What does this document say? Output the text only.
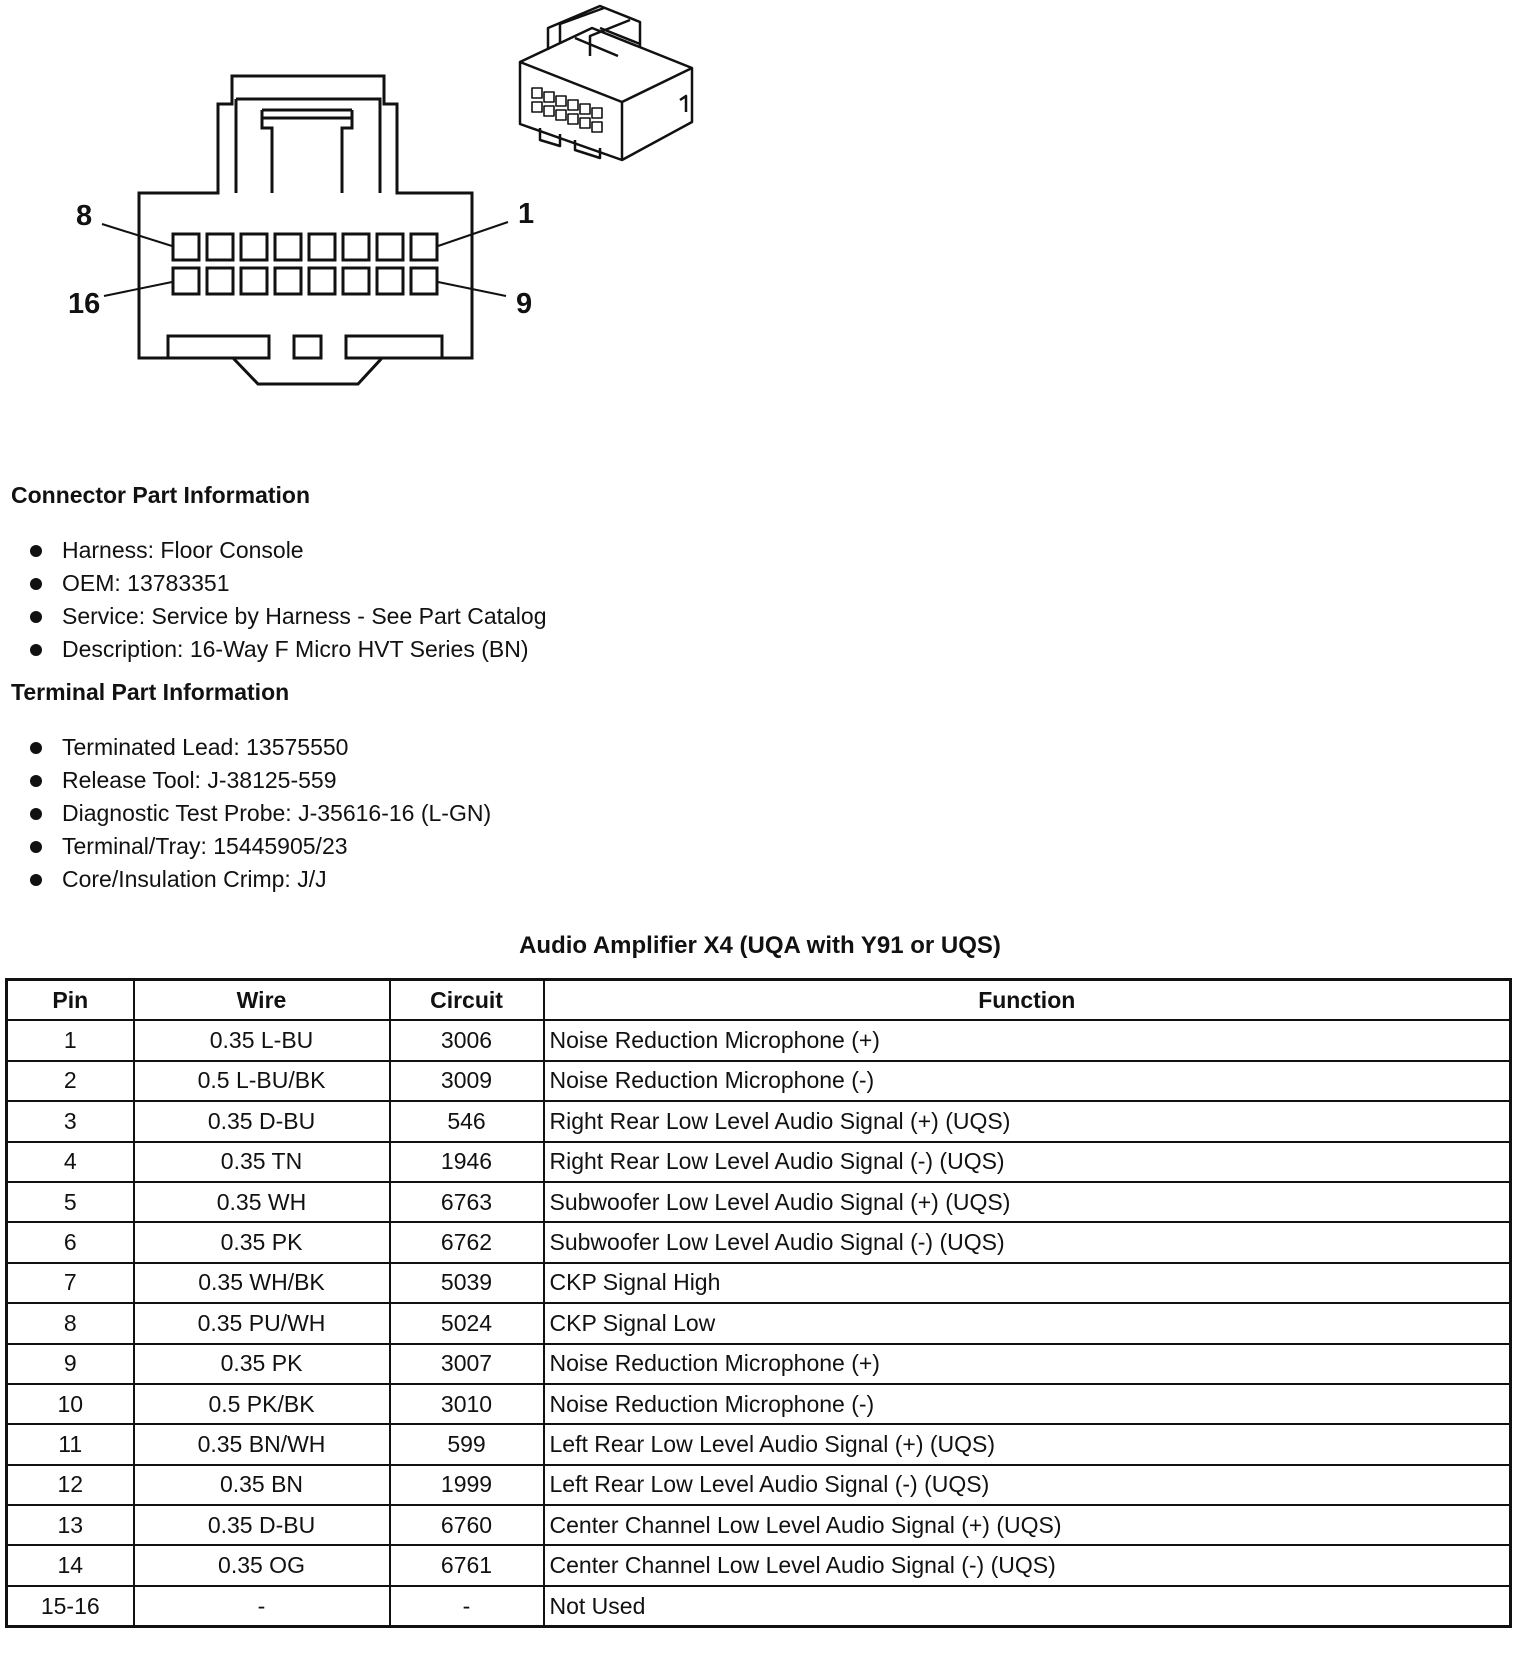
8	1
16	9
Connector Part Information
Harness: Floor Console
OEM: 13783351
Service: Service by Harness - See Part Catalog
Description: 16-Way F Micro HVT Series (BN)
Terminal Part Information
Terminated Lead: 13575550
Release Tool: J-38125-559
Diagnostic Test Probe: J-35616-16 (L-GN)
Terminal/Tray: 15445905/23
Core/Insulation Crimp: J/J
Audio Amplifier X4 (UQA with Y91 or UQS)
Pin	Wire	Circuit	Function
1	0.35 L-BU	3006	Noise Reduction Microphone (+)
2	0.5 L-BU/BK	3009	Noise Reduction Microphone (-)
3	0.35 D-BU	546	Right Rear Low Level Audio Signal (+) (UQS)
4	0.35 TN	1946	Right Rear Low Level Audio Signal (-) (UQS)
5	0.35 WH	6763	Subwoofer Low Level Audio Signal (+) (UQS)
6	0.35 PK	6762	Subwoofer Low Level Audio Signal (-) (UQS)
7	0.35 WH/BK	5039	CKP Signal High
8	0.35 PU/WH	5024	CKP Signal Low
9	0.35 PK	3007	Noise Reduction Microphone (+)
10	0.5 PK/BK	3010	Noise Reduction Microphone (-)
11	0.35 BN/WH	599	Left Rear Low Level Audio Signal (+) (UQS)
12	0.35 BN	1999	Left Rear Low Level Audio Signal (-) (UQS)
13	0.35 D-BU	6760	Center Channel Low Level Audio Signal (+) (UQS)
14	0.35 OG	6761	Center Channel Low Level Audio Signal (-) (UQS)
15-16	-	-	Not Used
